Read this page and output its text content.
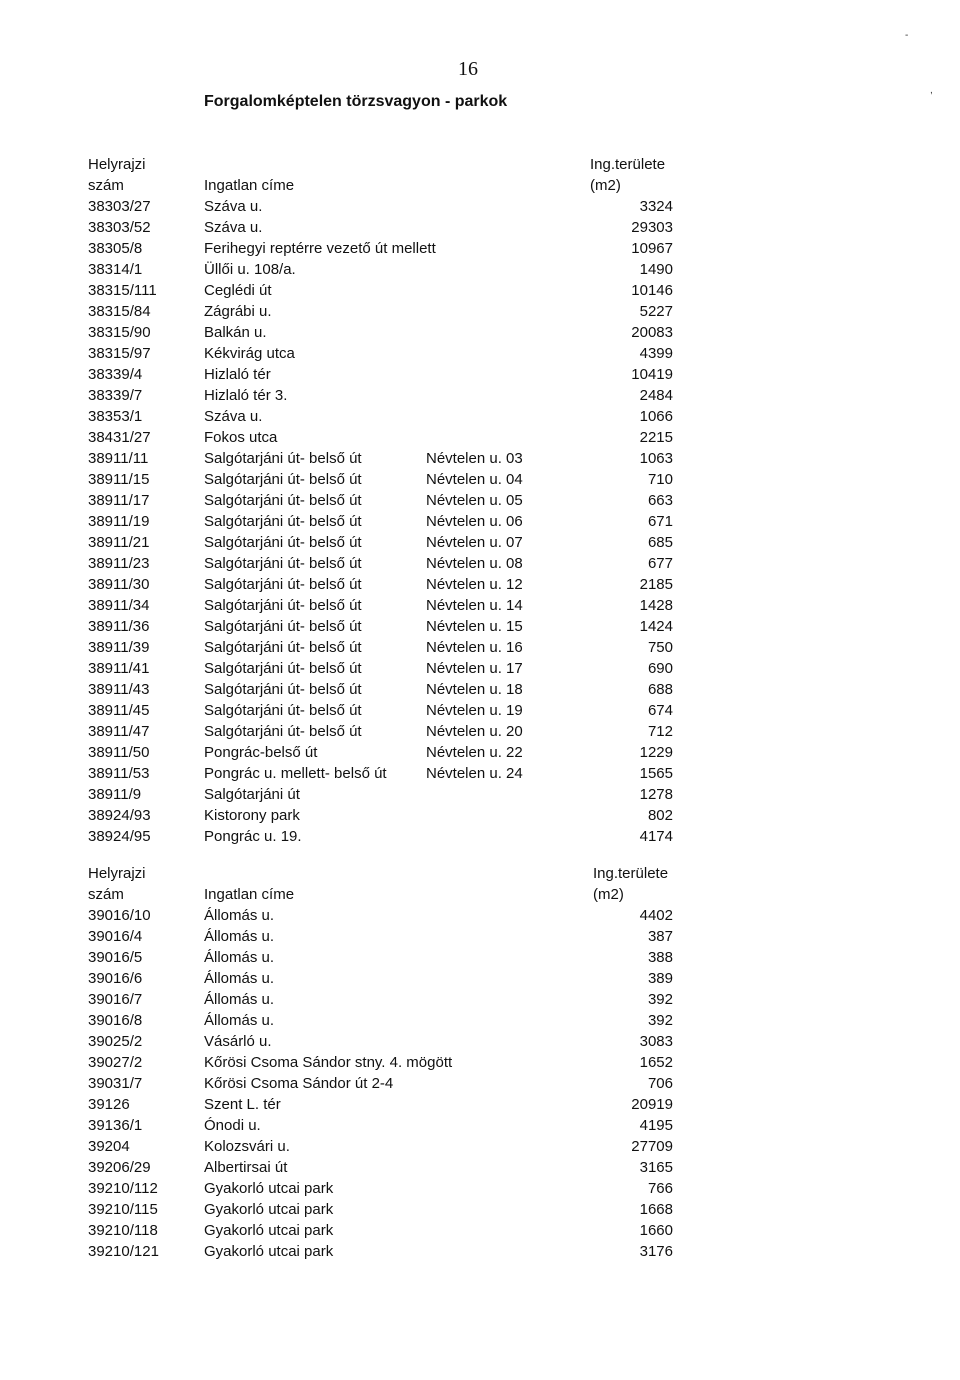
-
,
16
Forgalomképtelen törzsvagyon - parkok
Helyrajzi	Ing.területe
szám	Ingatlan címe	(m2)
38303/27	Száva u.	3324
38303/52	Száva u.	29303
38305/8	Ferihegyi reptérre vezető út mellett	10967
38314/1	Üllői u. 108/a.	1490
38315/111	Ceglédi út	10146
38315/84	Zágrábi u.	5227
38315/90	Balkán u.	20083
38315/97	Kékvirág utca	4399
38339/4	Hizlaló tér	10419
38339/7	Hizlaló tér 3.	2484
38353/1	Száva u.	1066
38431/27	Fokos utca	2215
38911/11	Salgótarjáni út- belső út	Névtelen u. 03	1063
38911/15	Salgótarjáni út- belső út	Névtelen u. 04	710
38911/17	Salgótarjáni út- belső út	Névtelen u. 05	663
38911/19	Salgótarjáni út- belső út	Névtelen u. 06	671
38911/21	Salgótarjáni út- belső út	Névtelen u. 07	685
38911/23	Salgótarjáni út- belső út	Névtelen u. 08	677
38911/30	Salgótarjáni út- belső út	Névtelen u. 12	2185
38911/34	Salgótarjáni út- belső út	Névtelen u. 14	1428
38911/36	Salgótarjáni út- belső út	Névtelen u. 15	1424
38911/39	Salgótarjáni út- belső út	Névtelen u. 16	750
38911/41	Salgótarjáni út- belső út	Névtelen u. 17	690
38911/43	Salgótarjáni út- belső út	Névtelen u. 18	688
38911/45	Salgótarjáni út- belső út	Névtelen u. 19	674
38911/47	Salgótarjáni út- belső út	Névtelen u. 20	712
38911/50	Pongrác-belső út	Névtelen u. 22	1229
38911/53	Pongrác u. mellett- belső út	Névtelen u. 24	1565
38911/9	Salgótarjáni út	1278
38924/93	Kistorony park	802
38924/95	Pongrác u. 19.	4174
Helyrajzi	Ing.területe
szám	Ingatlan címe	(m2)
39016/10	Állomás u.	4402
39016/4	Állomás u.	387
39016/5	Állomás u.	388
39016/6	Állomás u.	389
39016/7	Állomás u.	392
39016/8	Állomás u.	392
39025/2	Vásárló u.	3083
39027/2	Kőrösi Csoma Sándor stny. 4. mögött	1652
39031/7	Kőrösi Csoma Sándor út 2-4	706
39126	Szent L. tér	20919
39136/1	Ónodi u.	4195
39204	Kolozsvári u.	27709
39206/29	Albertirsai út	3165
39210/112	Gyakorló utcai park	766
39210/115	Gyakorló utcai park	1668
39210/118	Gyakorló utcai park	1660
39210/121	Gyakorló utcai park	3176
